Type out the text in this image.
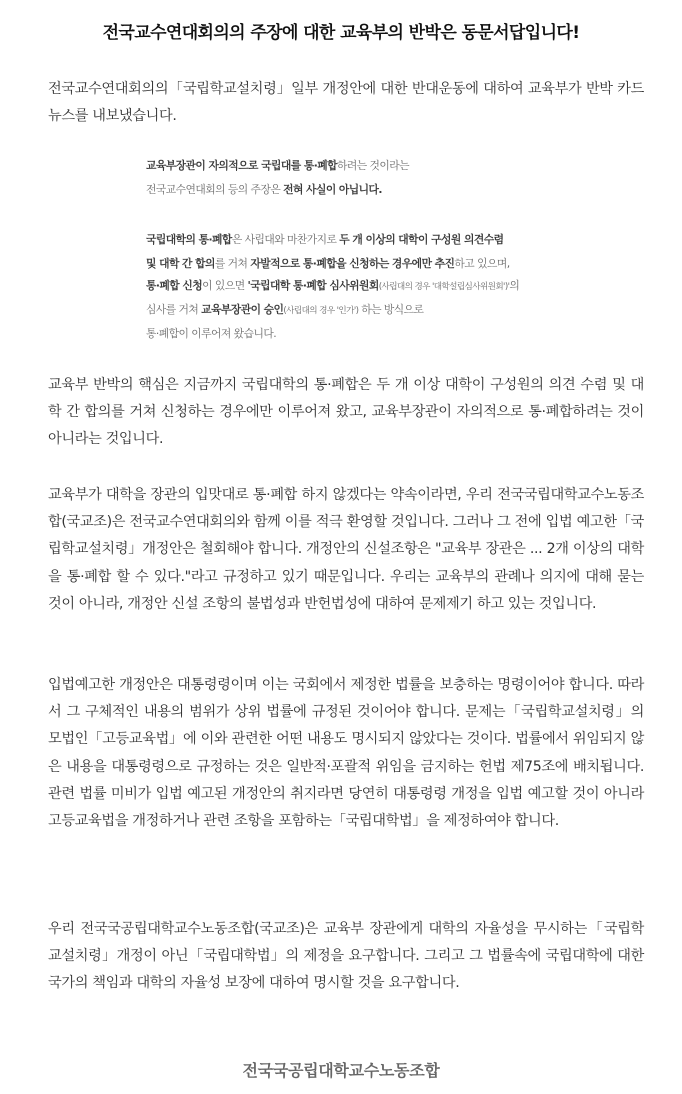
전국교수연대회의의 주장에 대한 교육부의 반박은 동문서답입니다!

전국교수연대회의의「국립학교설치령」일부 개정안에 대한 반대운동에 대하여 교육부가 반박 카드뉴스를 내보냈습니다.

교육부장관이 자의적으로 국립대를 통·폐합하려는 것이라는
전국교수연대회의 등의 주장은 전혀 사실이 아닙니다.
국립대학의 통·폐합은 사립대와 마찬가지로 두 개 이상의 대학이 구성원 의견수렴
및 대학 간 합의를 거쳐 자발적으로 통·폐합을 신청하는 경우에만 추진하고 있으며,
통·폐합 신청이 있으면 '국립대학 통·폐합 심사위원회(사립대의 경우 '대학설립심사위원회')'의
심사를 거쳐 교육부장관이 승인(사립대의 경우 '인가') 하는 방식으로
통·폐합이 이루어져 왔습니다.

교육부 반박의 핵심은 지금까지 국립대학의 통·폐합은 두 개 이상 대학이 구성원의 의견 수렴 및 대학 간 합의를 거쳐 신청하는 경우에만 이루어져 왔고, 교육부장관이 자의적으로 통·폐합하려는 것이 아니라는 것입니다.

교육부가 대학을 장관의 입맛대로 통·폐합 하지 않겠다는 약속이라면, 우리 전국국립대학교수노동조합(국교조)은 전국교수연대회의와 함께 이를 적극 환영할 것입니다. 그러나 그 전에 입법 예고한「국립학교설치령」개정안은 철회해야 합니다. 개정안의 신설조항은 "교육부 장관은 ... 2개 이상의 대학을 통·폐합 할 수 있다."라고 규정하고 있기 때문입니다. 우리는 교육부의 관례나 의지에 대해 묻는 것이 아니라, 개정안 신설 조항의 불법성과 반헌법성에 대하여 문제제기 하고 있는 것입니다.

입법예고한 개정안은 대통령령이며 이는 국회에서 제정한 법률을 보충하는 명령이어야 합니다. 따라서 그 구체적인 내용의 범위가 상위 법률에 규정된 것이어야 합니다. 문제는「국립학교설치령」의 모법인「고등교육법」에 이와 관련한 어떤 내용도 명시되지 않았다는 것이다. 법률에서 위임되지 않은 내용을 대통령령으로 규정하는 것은 일반적·포괄적 위임을 금지하는 헌법 제75조에 배치됩니다. 관련 법률 미비가 입법 예고된 개정안의 취지라면 당연히 대통령령 개정을 입법 예고할 것이 아니라 고등교육법을 개정하거나 관련 조항을 포함하는「국립대학법」을 제정하여야 합니다.

우리 전국국공립대학교수노동조합(국교조)은 교육부 장관에게 대학의 자율성을 무시하는「국립학교설치령」개정이 아닌「국립대학법」의 제정을 요구합니다. 그리고 그 법률속에 국립대학에 대한 국가의 책임과 대학의 자율성 보장에 대하여 명시할 것을 요구합니다.

전국국공립대학교수노동조합
